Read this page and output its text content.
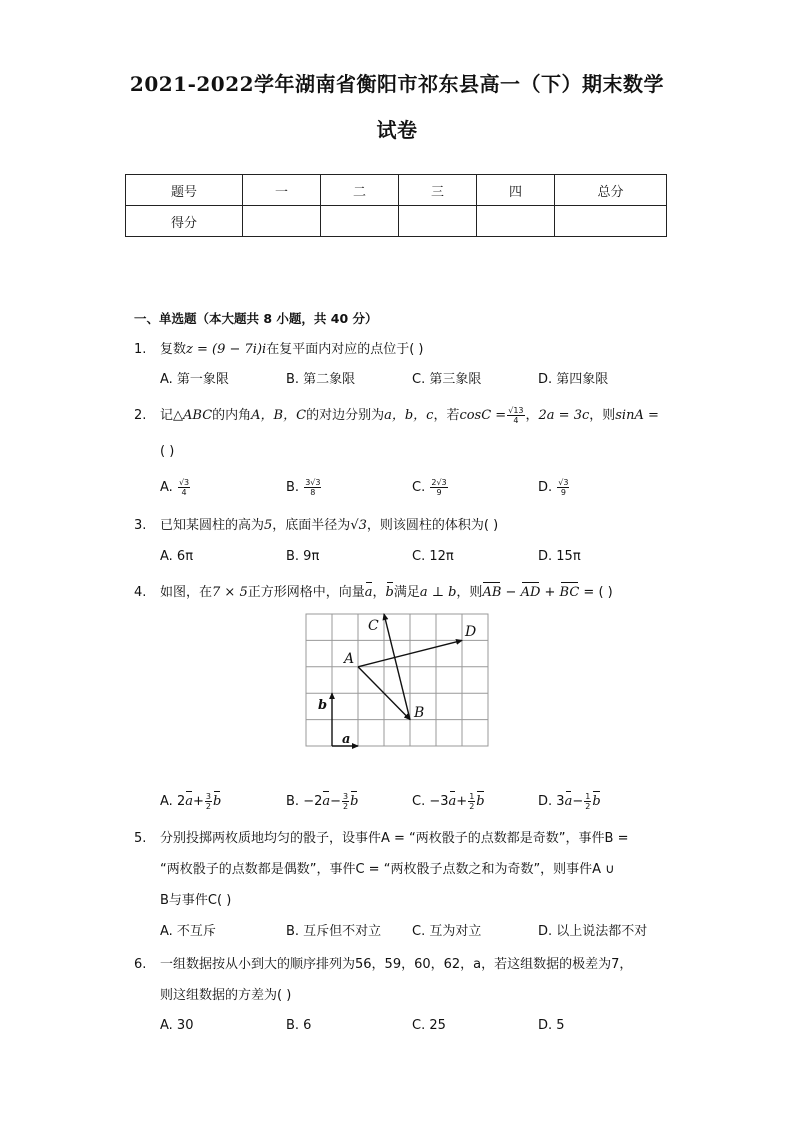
2021-2022学年湖南省衡阳市祁东县高一（下）期末数学
试卷
题号	一	二	三	四	总分
得分					
一、单选题（本大题共 8 小题，共 40 分）
1. 复数z = (9 − 7i)i在复平面内对应的点位于( )
A. 第一象限	B. 第二象限	C. 第三象限	D. 第四象限
2. 记△ABC的内角A，B，C的对边分别为a，b，c，若$\cos C = \frac{√13}{4}$ ，2a = 3c，则sinA =
( )
A. $\frac{√3}{4}$	B. $\frac{3√3}{8}$	C. $\frac{2√3}{9}$	D. $\frac{√3}{9}$
3. 已知某圆柱的高为5，底面半径为√3，则该圆柱的体积为( )
A. 6π	B. 9π	C. 12π	D. 15π
4. 如图，在7 × 5正方形网格中，向量a，b满足a ⊥ b，则AB − AD + BC = ( )
A
B
C	D
a
b
A. $2a+ \frac{3}{2}$ b	B. $-2a- \frac{3}{2}$ b	C. $-3a+ \frac{1}{2}$ b	D. $3a- \frac{1}{2}$ b
5. 分别投掷两枚质地均匀的骰子，设事件A = “两枚骰子的点数都是奇数”，事件B =
“两枚骰子的点数都是偶数”，事件C = “两枚骰子点数之和为奇数”，则事件A ∪
B与事件C( )
A. 不互斥	B. 互斥但不对立 C. 互为对立	D. 以上说法都不对
6. 一组数据按从小到大的顺序排列为56，59，60，62，a，若这组数据的极差为7，
则这组数据的方差为( )
A. 30	B. 6	C. 25	D. 5
